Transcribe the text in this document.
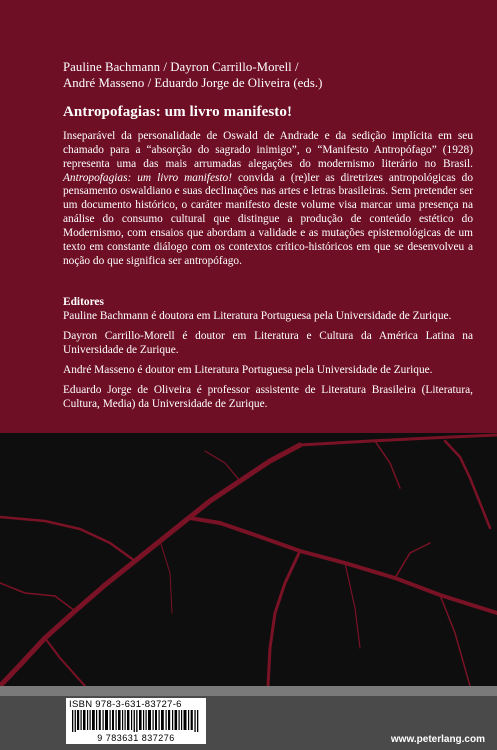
Pauline Bachmann / Dayron Carrillo-Morell /
André Masseno / Eduardo Jorge de Oliveira (eds.)
Antropofagias: um livro manifesto!

Inseparável da personalidade de Oswald de Andrade e da sedição implícita em seu chamado para a “absorção do sagrado inimigo”, o “Manifesto Antropófago” (1928) representa uma das mais arrumadas alegações do modernismo literário no Brasil. Antropofagias: um livro manifesto! convida a (re)ler as diretrizes antropológicas do pensamento oswaldiano e suas declinações nas artes e letras brasileiras. Sem pretender ser um documento histórico, o caráter manifesto deste volume visa marcar uma presença na análise do consumo cultural que distingue a produção de conteúdo estético do Modernismo, com ensaios que abordam a validade e as mutações epistemológicas de um texto em constante diálogo com os contextos crítico-históricos em que se desenvolveu a noção do que significa ser antropófago.

Editores

Pauline Bachmann é doutora em Literatura Portuguesa pela Universidade de Zurique.

Dayron Carrillo-Morell é doutor em Literatura e Cultura da América Latina na Universidade de Zurique.

André Masseno é doutor em Literatura Portuguesa pela Universidade de Zurique.

Eduardo Jorge de Oliveira é professor assistente de Literatura Brasileira (Literatura, Cultura, Media) da Universidade de Zurique.

ISBN 978-3-631-83727-6
9 783631 837276	www.peterlang.com
